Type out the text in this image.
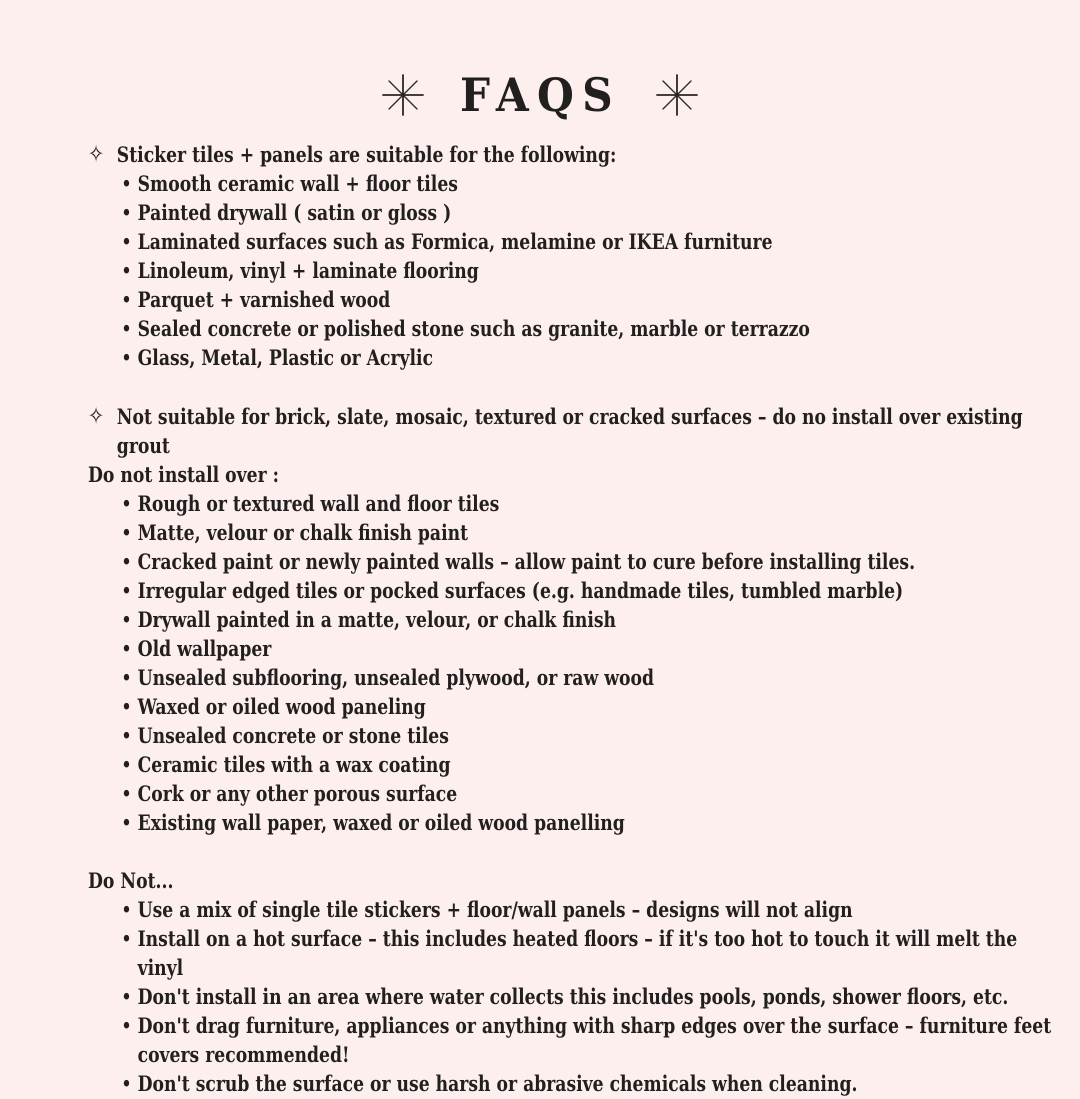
FAQS
✧ Sticker tiles + panels are suitable for the following:
• Smooth ceramic wall + floor tiles
• Painted drywall ( satin or gloss )
• Laminated surfaces such as Formica, melamine or IKEA furniture
• Linoleum, vinyl + laminate flooring
• Parquet + varnished wood
• Sealed concrete or polished stone such as granite, marble or terrazzo
• Glass, Metal, Plastic or Acrylic
✧ Not suitable for brick, slate, mosaic, textured or cracked surfaces – do no install over existing grout
Do not install over :
• Rough or textured wall and floor tiles
• Matte, velour or chalk finish paint
• Cracked paint or newly painted walls – allow paint to cure before installing tiles.
• Irregular edged tiles or pocked surfaces (e.g. handmade tiles, tumbled marble)
• Drywall painted in a matte, velour, or chalk finish
• Old wallpaper
• Unsealed subflooring, unsealed plywood, or raw wood
• Waxed or oiled wood paneling
• Unsealed concrete or stone tiles
• Ceramic tiles with a wax coating
• Cork or any other porous surface
• Existing wall paper, waxed or oiled wood panelling
Do Not...
• Use a mix of single tile stickers + floor/wall panels – designs will not align
• Install on a hot surface – this includes heated floors – if it's too hot to touch it will melt the vinyl
• Don't install in an area where water collects this includes pools, ponds, shower floors, etc.
• Don't drag furniture, appliances or anything with sharp edges over the surface – furniture feet covers recommended!
• Don't scrub the surface or use harsh or abrasive chemicals when cleaning.
